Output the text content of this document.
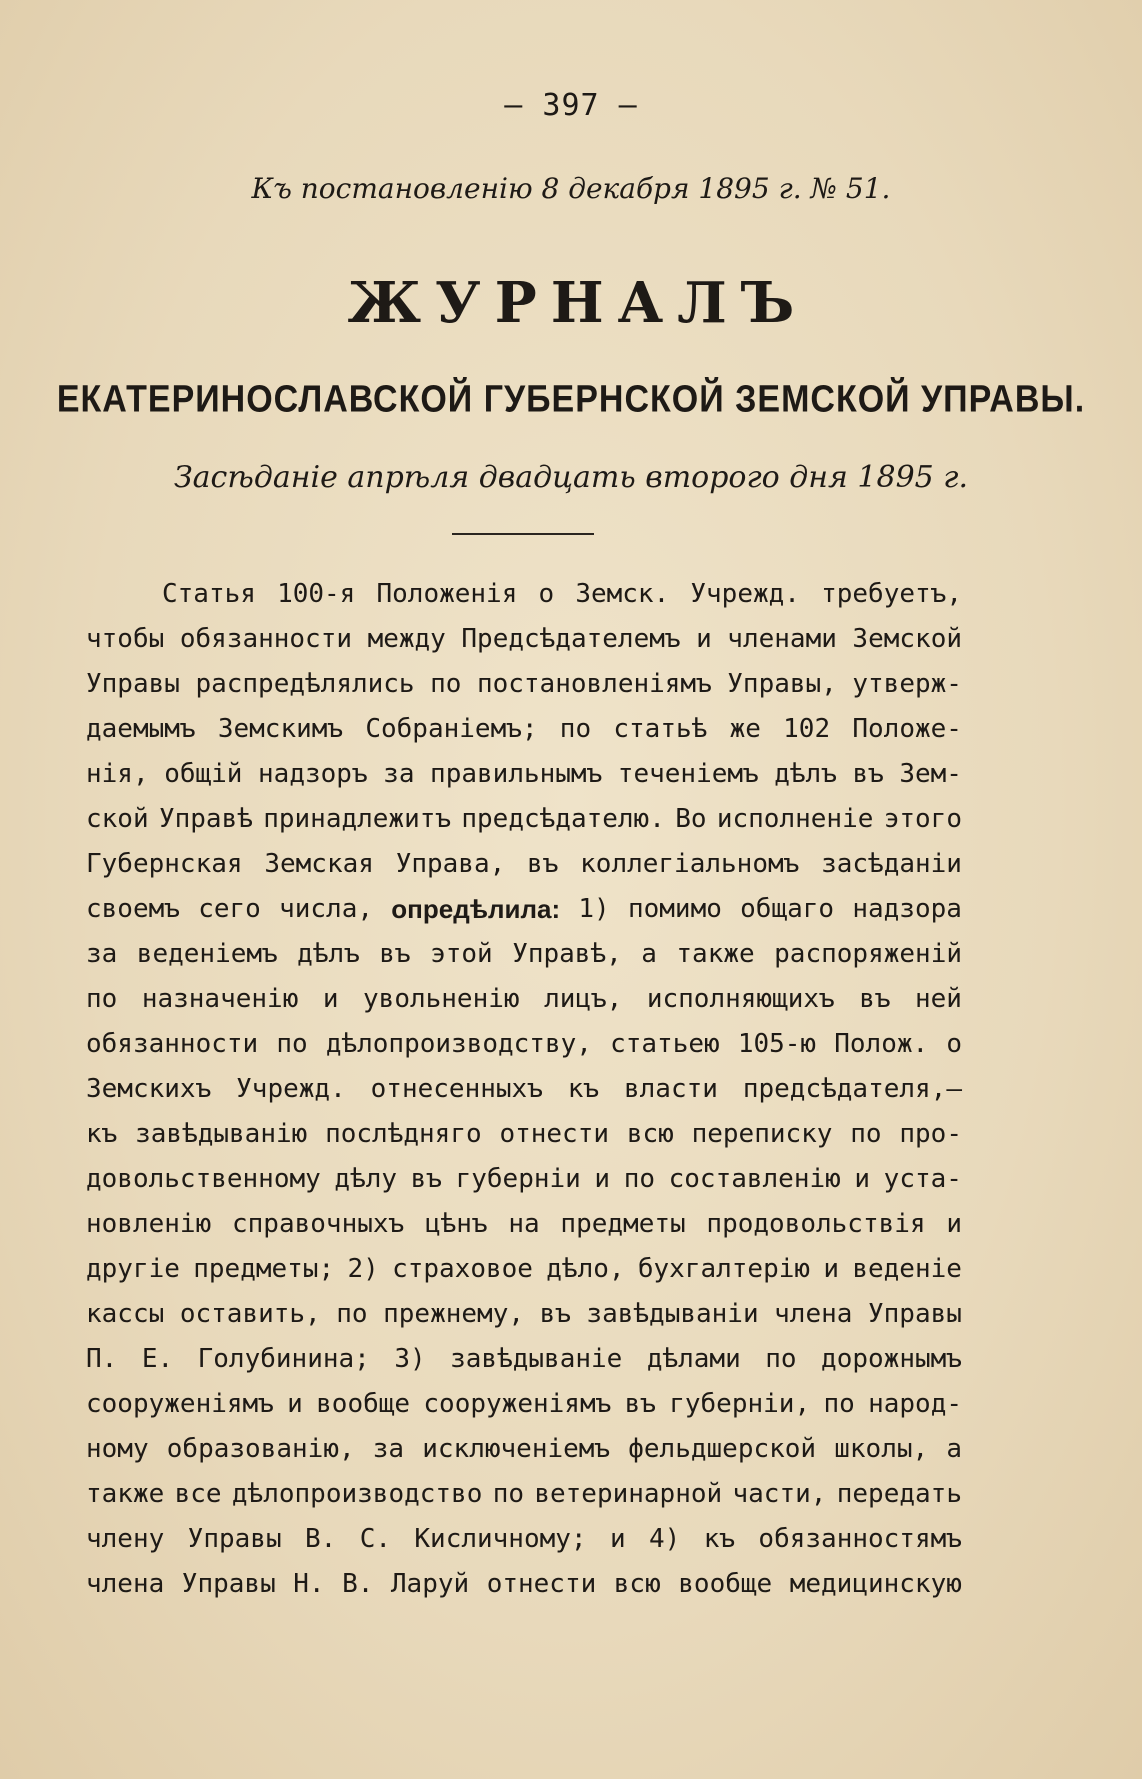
— 397 —
Къ постановленію 8 декабря 1895 г. № 51.
ЖУРНАЛЪ
ЕКАТЕРИНОСЛАВСКОЙ ГУБЕРНСКОЙ ЗЕМСКОЙ УПРАВЫ.
Засѣданіе апрѣля двадцать второго дня 1895 г.
Статья 100-я Положенія о Земск. Учрежд. требуетъ,
чтобы обязанности между Предсѣдателемъ и членами Земской
Управы распредѣлялись по постановленіямъ Управы, утверж-
даемымъ Земскимъ Собраніемъ; по статьѣ же 102 Положе-
нія, общій надзоръ за правильнымъ теченіемъ дѣлъ въ Зем-
ской Управѣ принадлежитъ предсѣдателю. Во исполненіе этого
Губернская Земская Управа, въ коллегіальномъ засѣданіи
своемъ сего числа, опредѣлила: 1) помимо общаго надзора
за веденіемъ дѣлъ въ этой Управѣ, а также распоряженій
по назначенію и увольненію лицъ, исполняющихъ въ ней
обязанности по дѣлопроизводству, статьею 105-ю Полож. о
Земскихъ Учрежд. отнесенныхъ къ власти предсѣдателя,—
къ завѣдыванію послѣдняго отнести всю переписку по про-
довольственному дѣлу въ губерніи и по составленію и уста-
новленію справочныхъ цѣнъ на предметы продовольствія и
другіе предметы; 2) страховое дѣло, бухгалтерію и веденіе
кассы оставить, по прежнему, въ завѣдываніи члена Управы
П. Е. Голубинина; 3) завѣдываніе дѣлами по дорожнымъ
сооруженіямъ и вообще сооруженіямъ въ губерніи, по народ-
ному образованію, за исключеніемъ фельдшерской школы, а
также все дѣлопроизводство по ветеринарной части, передать
члену Управы В. С. Кисличному; и 4) къ обязанностямъ
члена Управы Н. В. Ларуй отнести всю вообще медицинскую
